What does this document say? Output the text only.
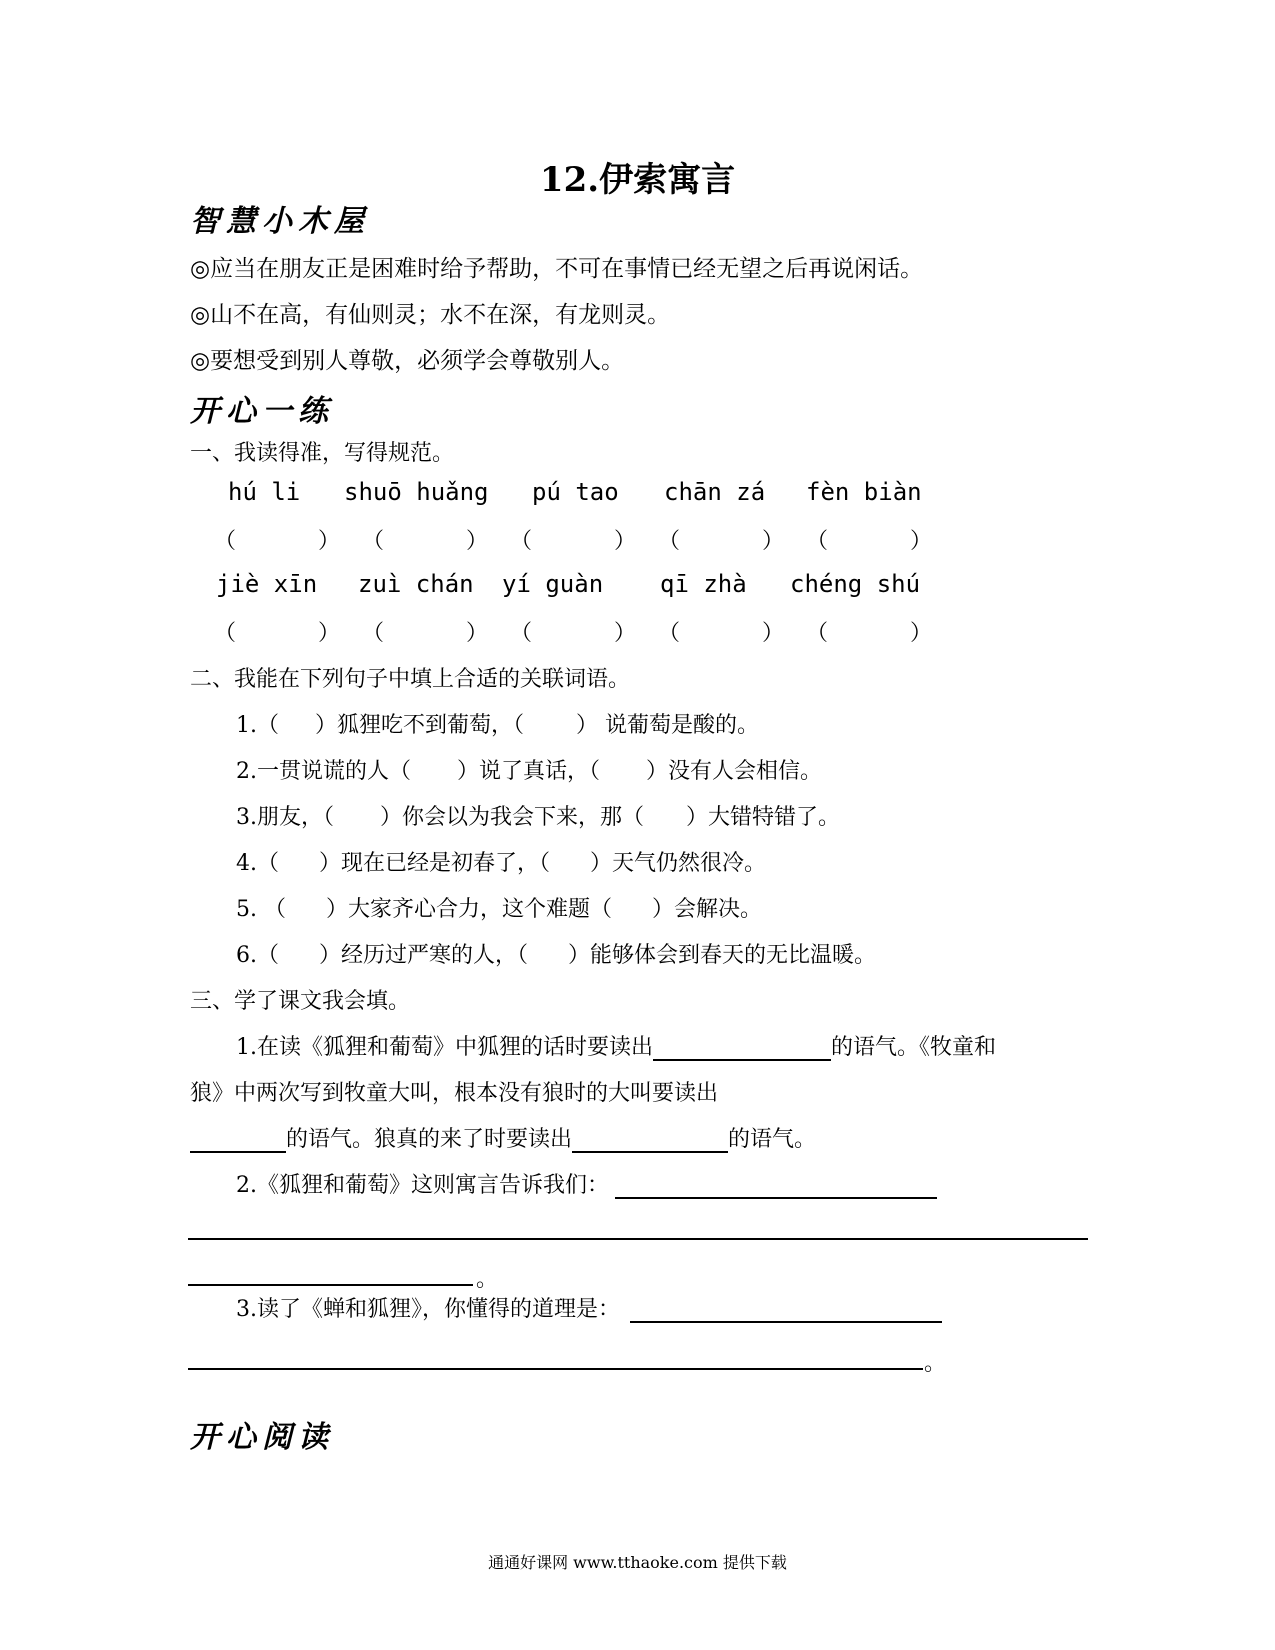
12.伊索寓言
智慧小木屋
◎应当在朋友正是困难时给予帮助，不可在事情已经无望之后再说闲话。
◎山不在高，有仙则灵；水不在深，有龙则灵。
◎要想受到别人尊敬，必须学会尊敬别人。
开心一练
一、我读得准，写得规范。
hú li shuō huǎng pú tao chān zá fèn biàn
（	） （	） （	） （	） （	）
jiè xīn zuì chán yí guàn qī zhà chéng shú
（	） （	） （	） （	） （	）
二、我能在下列句子中填上合适的关联词语。
1.（ ）狐狸吃不到葡萄，（ ） 说葡萄是酸的。
2.一贯说谎的人（ ）说了真话，（ ）没有人会相信。
3.朋友，（ ）你会以为我会下来，那（ ）大错特错了。
4.（ ）现在已经是初春了，（ ）天气仍然很冷。
5. （ ）大家齐心合力，这个难题（ ）会解决。
6.（ ）经历过严寒的人，（ ）能够体会到春天的无比温暖。
三、学了课文我会填。
1.在读《狐狸和葡萄》中狐狸的话时要读出	的语气。《牧童和
狼》中两次写到牧童大叫，根本没有狼时的大叫要读出
的语气。狼真的来了时要读出	的语气。
2.《狐狸和葡萄》这则寓言告诉我们：
。
3.读了《蝉和狐狸》，你懂得的道理是：
。
开心阅读
通通好课网 www.tthaoke.com 提供下载
